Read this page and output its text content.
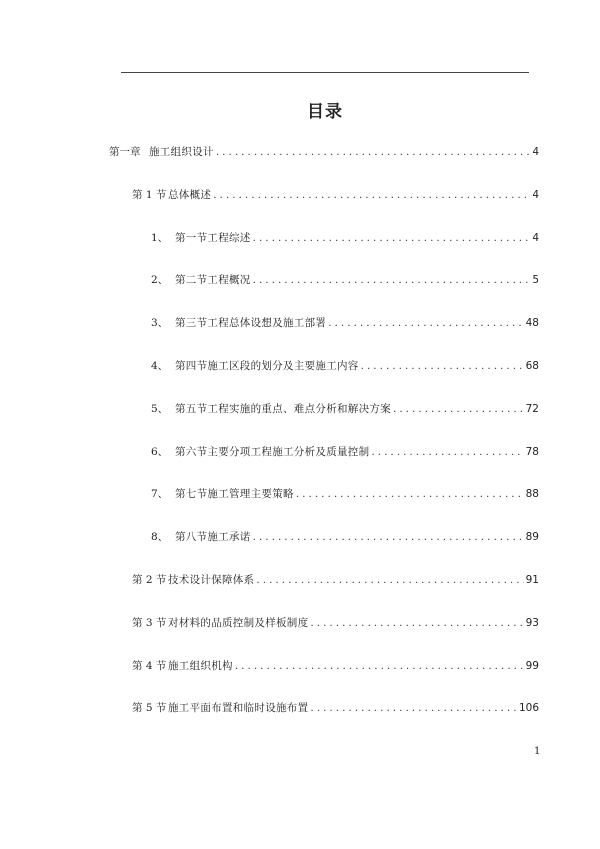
目录
第一章 施工组织设计 .....	4
第 1 节 总体概述 .....	4
1、 第一节工程综述 .....	4
2、 第二节工程概况 .....	5
3、 第三节工程总体设想及施工部署 .....	48
4、 第四节施工区段的划分及主要施工内容 .....	68
5、 第五节工程实施的重点、难点分析和解决方案 .....	72
6、 第六节主要分项工程施工分析及质量控制 .....	78
7、 第七节施工管理主要策略 .....	88
8、 第八节施工承诺 .....	89
第 2 节 技术设计保障体系 .....	91
第 3 节 对材料的品质控制及样板制度 .....	93
第 4 节 施工组织机构 .....	99
第 5 节 施工平面布置和临时设施布置 .....	106
1
